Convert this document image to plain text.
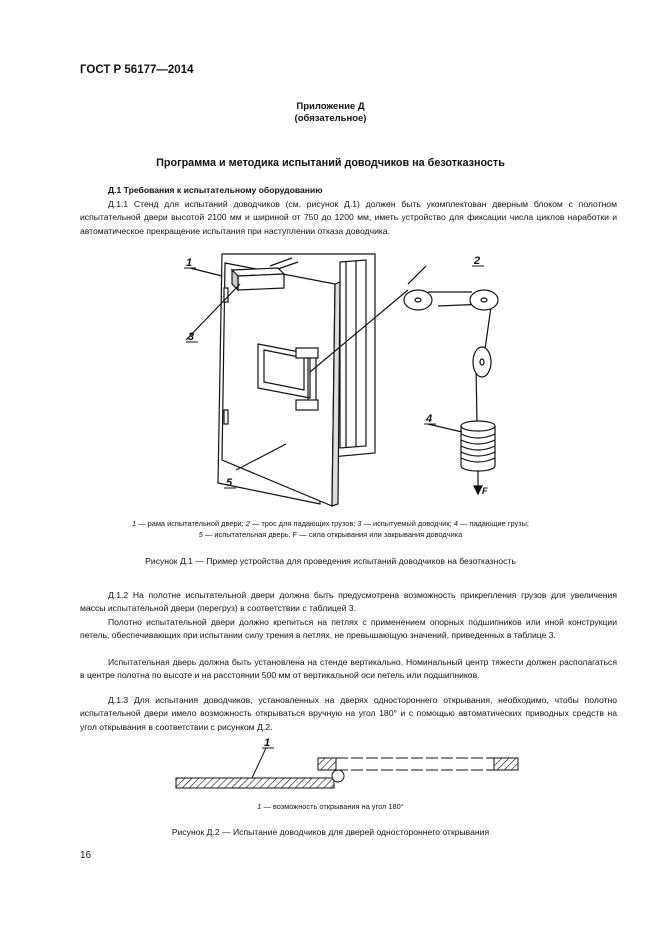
ГОСТ Р 56177—2014
Приложение Д
(обязательное)
Программа и методика испытаний доводчиков на безотказность
Д.1 Требования к испытательному оборудованию

Д.1.1 Стенд для испытаний доводчиков (см. рисунок Д.1) должен быть укомплектован дверным блоком с полотном испытательной двери высотой 2100 мм и шириной от 750 до 1200 мм, иметь устройство для фиксации числа циклов наработки и автоматическое прекращение испытания при наступлении отказа доводчика.

1
3
5
2
4
F
1 — рама испытательной двери; 2 — трос для падающих грузов; 3 — испытуемый доводчик; 4 — падающие грузы;
5 — испытательная дверь; F — сила открывания или закрывания доводчика
Рисунок Д.1 — Пример устройства для проведения испытаний доводчиков на безотказность

Д.1.2 На полотне испытательной двери должна быть предусмотрена возможность прикрепления грузов для увеличения массы испытательной двери (перегруз) в соответствии с таблицей 3.

Полотно испытательной двери должно крепиться на петлях с применением опорных подшипников или иной конструкции петель, обеспечивающих при испытании силу трения в петлях, не превышающую значений, приведенных в таблице 3.

Испытательная дверь должна быть установлена на стенде вертикально. Номинальный центр тяжести должен располагаться в центре полотна по высоте и на расстоянии 500 мм от вертикальной оси петель или подшипников.

Д.1.3 Для испытания доводчиков, установленных на дверях одностороннего открывания, необходимо, чтобы полотно испытательной двери имело возможность открываться вручную на угол 180° и с помощью автоматических приводных средств на угол открывания в соответствии с рисунком Д.2.

1
1 — возможность открывания на угол 180°
Рисунок Д.2 — Испытание доводчиков для дверей одностороннего открывания
16
